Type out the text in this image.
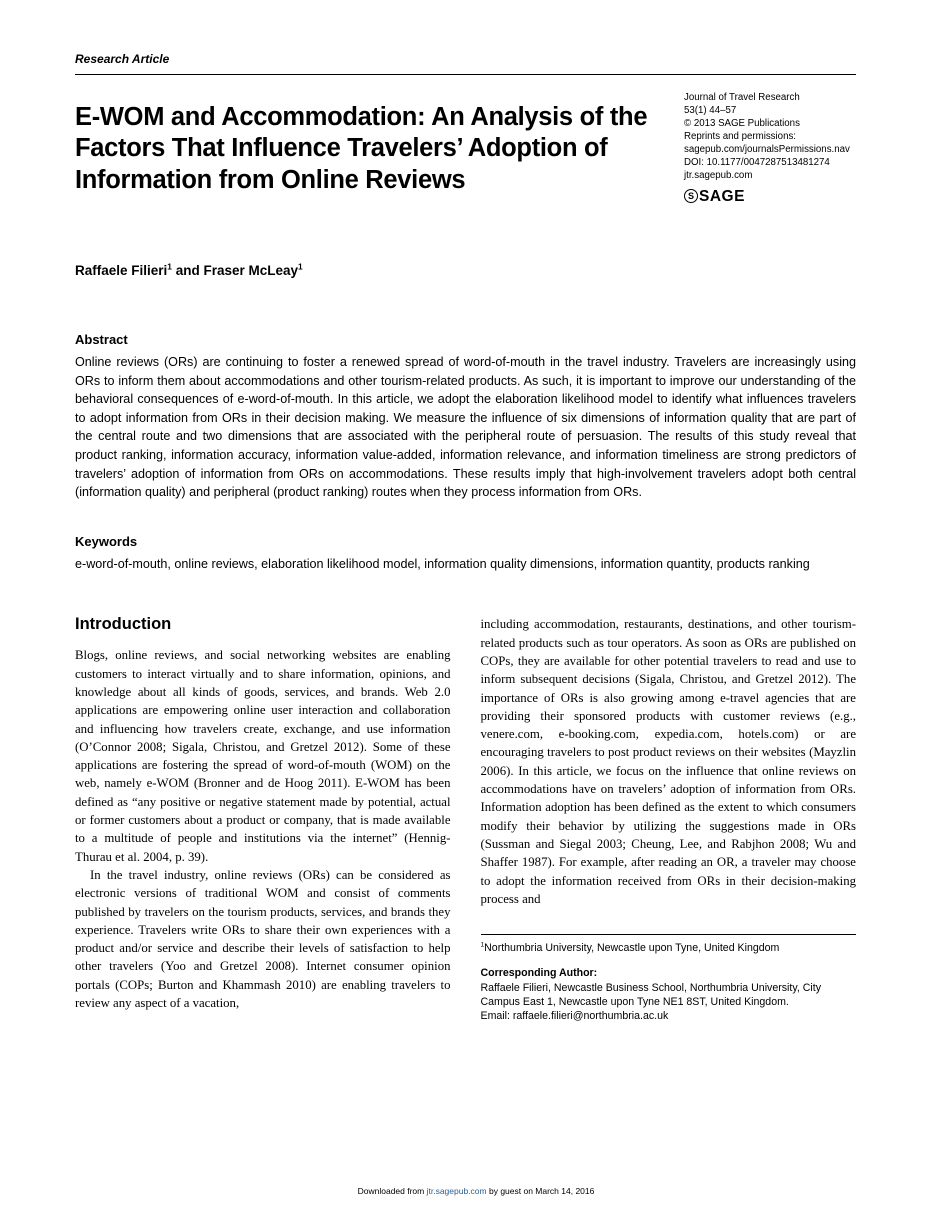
Research Article
E-WOM and Accommodation: An Analysis of the Factors That Influence Travelers’ Adoption of Information from Online Reviews
Journal of Travel Research
53(1) 44–57
© 2013 SAGE Publications
Reprints and permissions:
sagepub.com/journalsPermissions.nav
DOI: 10.1177/0047287513481274
jtr.sagepub.com
S SAGE
Raffaele Filieri$^1$ and Fraser McLeay$^1$
Abstract

Online reviews (ORs) are continuing to foster a renewed spread of word-of-mouth in the travel industry. Travelers are increasingly using ORs to inform them about accommodations and other tourism-related products. As such, it is important to improve our understanding of the behavioral consequences of e-word-of-mouth. In this article, we adopt the elaboration likelihood model to identify what influences travelers to adopt information from ORs in their decision making. We measure the influence of six dimensions of information quality that are part of the central route and two dimensions that are associated with the peripheral route of persuasion. The results of this study reveal that product ranking, information accuracy, information value-added, information relevance, and information timeliness are strong predictors of travelers’ adoption of information from ORs on accommodations. These results imply that high-involvement travelers adopt both central (information quality) and peripheral (product ranking) routes when they process information from ORs.

Keywords

e-word-of-mouth, online reviews, elaboration likelihood model, information quality dimensions, information quantity, products ranking

Introduction

Blogs, online reviews, and social networking websites are enabling customers to interact virtually and to share information, opinions, and knowledge about all kinds of goods, services, and brands. Web 2.0 applications are empowering online user interaction and collaboration and influencing how travelers create, exchange, and use information (O’Connor 2008; Sigala, Christou, and Gretzel 2012). Some of these applications are fostering the spread of word-of-mouth (WOM) on the web, namely e-WOM (Bronner and de Hoog 2011). E-WOM has been defined as “any positive or negative statement made by potential, actual or former customers about a product or company, that is made available to a multitude of people and institutions via the internet” (Hennig-Thurau et al. 2004, p. 39).

In the travel industry, online reviews (ORs) can be considered as electronic versions of traditional WOM and consist of comments published by travelers on the tourism products, services, and brands they experience. Travelers write ORs to share their own experiences with a product and/or service and describe their levels of satisfaction to help other travelers (Yoo and Gretzel 2008). Internet consumer opinion portals (COPs; Burton and Khammash 2010) are enabling travelers to review any aspect of a vacation,

including accommodation, restaurants, destinations, and other tourism-related products such as tour operators. As soon as ORs are published on COPs, they are available for other potential travelers to read and use to inform subsequent decisions (Sigala, Christou, and Gretzel 2012). The importance of ORs is also growing among e-travel agencies that are providing their sponsored products with customer reviews (e.g., venere.com, e-booking.com, expedia.com, hotels.com) or are encouraging travelers to post product reviews on their websites (Mayzlin 2006). In this article, we focus on the influence that online reviews on accommodations have on travelers’ adoption of information from ORs. Information adoption has been defined as the extent to which consumers modify their behavior by utilizing the suggestions made in ORs (Sussman and Siegal 2003; Cheung, Lee, and Rabjhon 2008; Wu and Shaffer 1987). For example, after reading an OR, a traveler may choose to adopt the information received from ORs in their decision-making process and

$^1$Northumbria University, Newcastle upon Tyne, United Kingdom
Corresponding Author:
Raffaele Filieri, Newcastle Business School, Northumbria University, City Campus East 1, Newcastle upon Tyne NE1 8ST, United Kingdom.
Email: raffaele.filieri@northumbria.ac.uk
Downloaded from jtr.sagepub.com by guest on March 14, 2016
